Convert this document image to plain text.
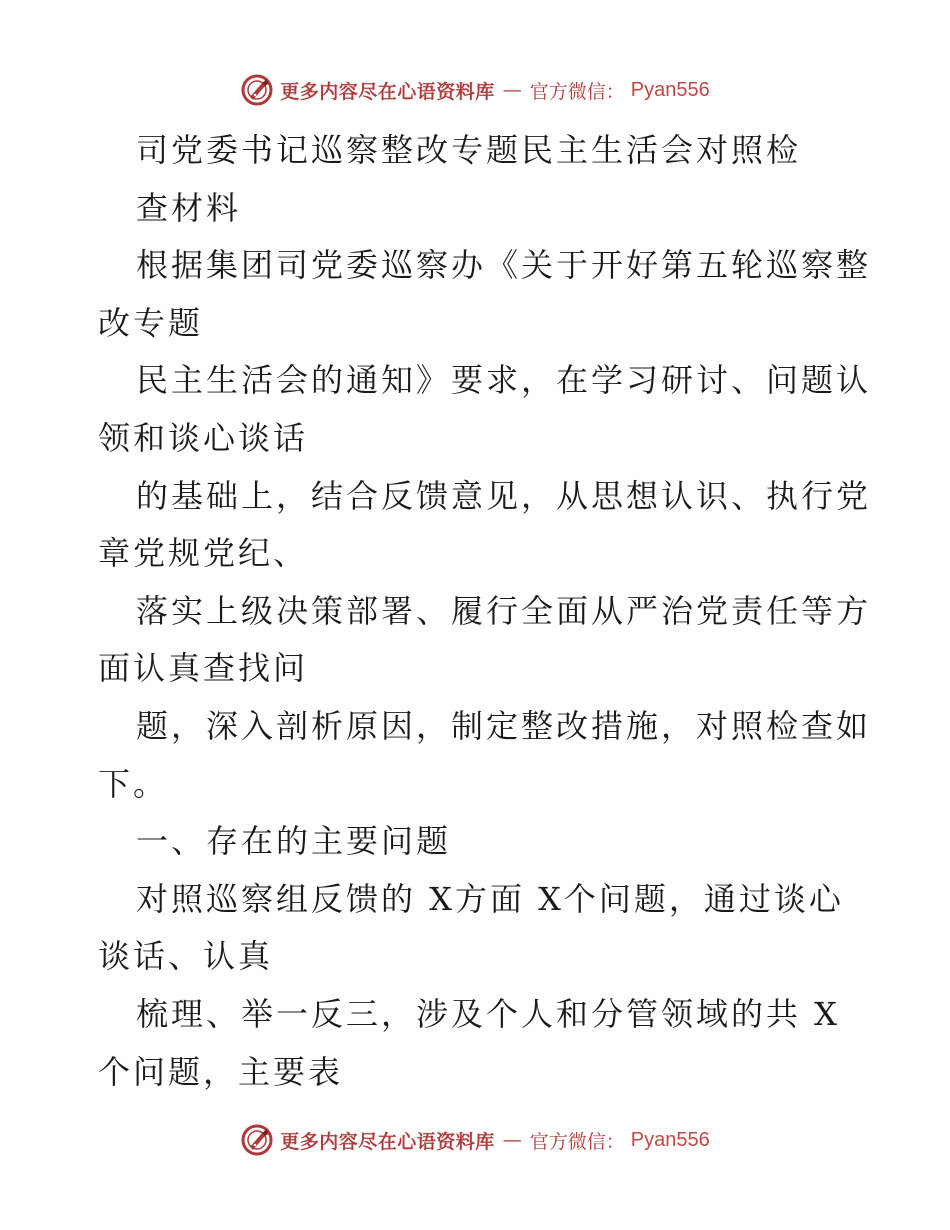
更多内容尽在心语资料库 — 官方微信： Pyan556
司党委书记巡察整改专题民主生活会对照检
查材料
根据集团司党委巡察办《关于开好第五轮巡察整
改专题
民主生活会的通知》要求，在学习研讨、问题认
领和谈心谈话
的基础上，结合反馈意见，从思想认识、执行党
章党规党纪、
落实上级决策部署、履行全面从严治党责任等方
面认真查找问
题，深入剖析原因，制定整改措施，对照检查如
下。
一、存在的主要问题
对照巡察组反馈的 X方面 X个问题，通过谈心
谈话、认真
梳理、举一反三，涉及个人和分管领域的共 X
个问题，主要表
更多内容尽在心语资料库 — 官方微信： Pyan556
